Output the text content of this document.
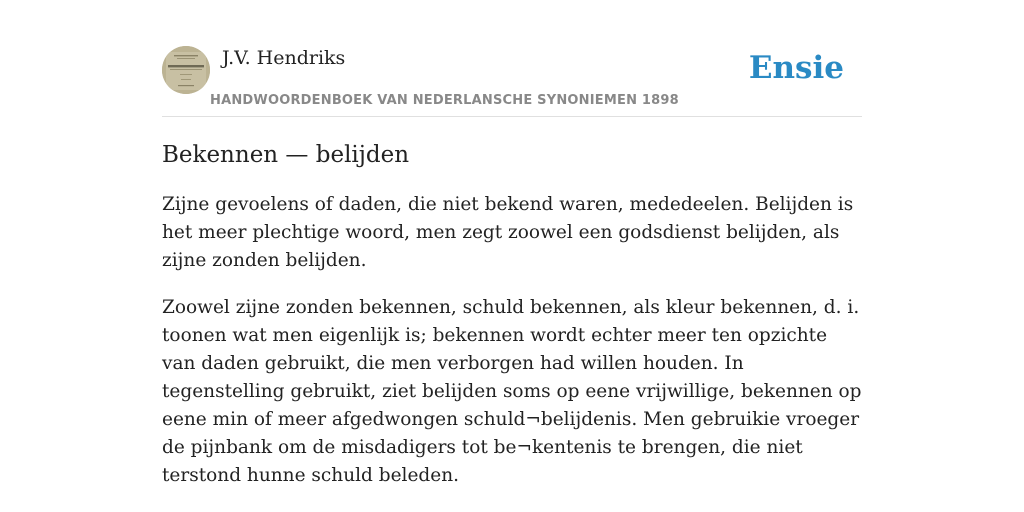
J.V. Hendriks
HANDWOORDENBOEK VAN NEDERLANSCHE SYNONIEMEN 1898
Ensie
Bekennen — belijden

Zijne gevoelens of daden, die niet bekend waren, mededeelen. Belijden is het meer plechtige woord, men zegt zoowel een godsdienst belijden, als zijne zonden belijden.

Zoowel zijne zonden bekennen, schuld bekennen, als kleur bekennen, d. i. toonen wat men eigenlijk is; bekennen wordt echter meer ten opzichte van daden gebruikt, die men verborgen had willen houden. In tegenstelling gebruikt, ziet belijden soms op eene vrijwillige, bekennen op eene min of meer afgedwongen schuld¬belijdenis. Men gebruikie vroeger de pijnbank om de misdadigers tot be¬kentenis te brengen, die niet terstond hunne schuld beleden.
